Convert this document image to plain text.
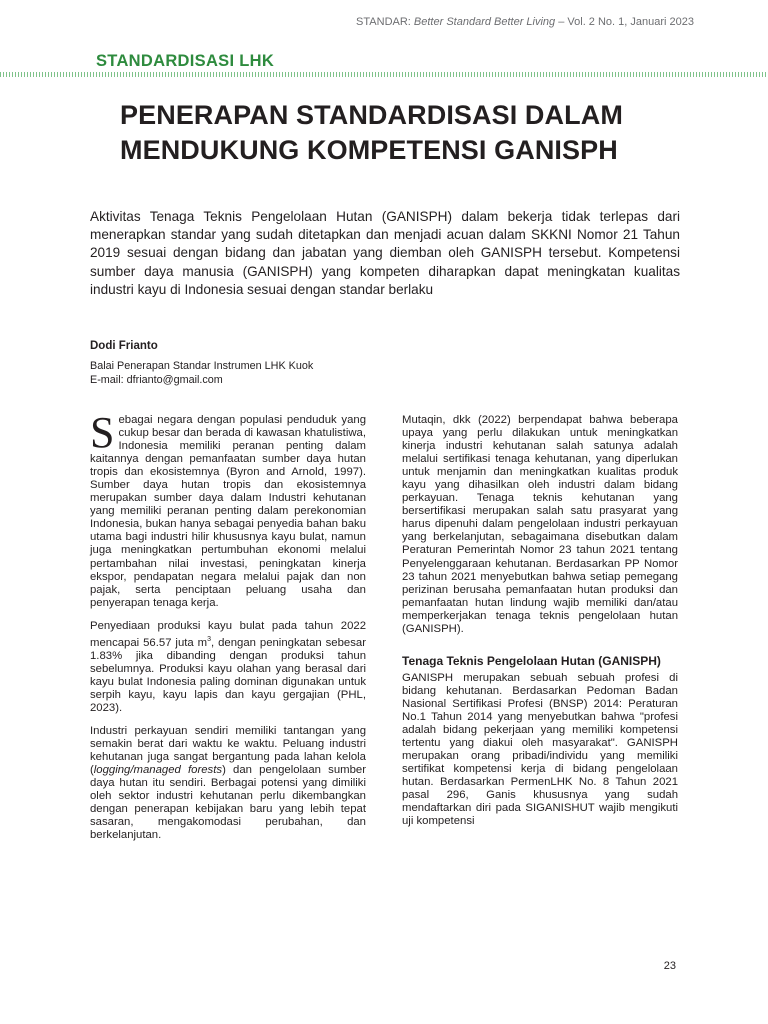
STANDAR: Better Standard Better Living – Vol. 2 No. 1, Januari 2023
STANDARDISASI LHK
PENERAPAN STANDARDISASI DALAM
MENDUKUNG KOMPETENSI GANISPH

Aktivitas Tenaga Teknis Pengelolaan Hutan (GANISPH) dalam bekerja tidak terlepas dari menerapkan standar yang sudah ditetapkan dan menjadi acuan dalam SKKNI Nomor 21 Tahun 2019 sesuai dengan bidang dan jabatan yang diemban oleh GANISPH tersebut. Kompetensi sumber daya manusia (GANISPH) yang kompeten diharapkan dapat meningkatan kualitas industri kayu di Indonesia sesuai dengan standar berlaku

Dodi Frianto
Balai Penerapan Standar Instrumen LHK Kuok
E-mail: dfrianto@gmail.com

Sebagai negara dengan populasi penduduk yang cukup besar dan berada di kawasan khatulistiwa, Indonesia memiliki peranan penting dalam kaitannya dengan pemanfaatan sumber daya hutan tropis dan ekosistemnya (Byron and Arnold, 1997). Sumber daya hutan tropis dan ekosistemnya merupakan sumber daya dalam Industri kehutanan yang memiliki peranan penting dalam perekonomian Indonesia, bukan hanya sebagai penyedia bahan baku utama bagi industri hilir khususnya kayu bulat, namun juga meningkatkan pertumbuhan ekonomi melalui pertambahan nilai investasi, peningkatan kinerja ekspor, pendapatan negara melalui pajak dan non pajak, serta penciptaan peluang usaha dan penyerapan tenaga kerja.

Penyediaan produksi kayu bulat pada tahun 2022 mencapai 56.57 juta $m^3$, dengan peningkatan sebesar 1.83% jika dibanding dengan produksi tahun sebelumnya. Produksi kayu olahan yang berasal dari kayu bulat Indonesia paling dominan digunakan untuk serpih kayu, kayu lapis dan kayu gergajian (PHL, 2023).

Industri perkayuan sendiri memiliki tantangan yang semakin berat dari waktu ke waktu. Peluang industri kehutanan juga sangat bergantung pada lahan kelola (logging/managed forests) dan pengelolaan sumber daya hutan itu sendiri. Berbagai potensi yang dimiliki oleh sektor industri kehutanan perlu dikembangkan dengan penerapan kebijakan baru yang lebih tepat sasaran, mengakomodasi perubahan, dan berkelanjutan.

Mutaqin, dkk (2022) berpendapat bahwa beberapa upaya yang perlu dilakukan untuk meningkatkan kinerja industri kehutanan salah satunya adalah melalui sertifikasi tenaga kehutanan, yang diperlukan untuk menjamin dan meningkatkan kualitas produk kayu yang dihasilkan oleh industri dalam bidang perkayuan. Tenaga teknis kehutanan yang bersertifikasi merupakan salah satu prasyarat yang harus dipenuhi dalam pengelolaan industri perkayuan yang berkelanjutan, sebagaimana disebutkan dalam Peraturan Pemerintah Nomor 23 tahun 2021 tentang Penyelenggaraan kehutanan. Berdasarkan PP Nomor 23 tahun 2021 menyebutkan bahwa setiap pemegang perizinan berusaha pemanfaatan hutan produksi dan pemanfaatan hutan lindung wajib memiliki dan/atau memperkerjakan tenaga teknis pengelolaan hutan (GANISPH).

Tenaga Teknis Pengelolaan Hutan (GANISPH)

GANISPH merupakan sebuah sebuah profesi di bidang kehutanan. Berdasarkan Pedoman Badan Nasional Sertifikasi Profesi (BNSP) 2014: Peraturan No.1 Tahun 2014 yang menyebutkan bahwa "profesi adalah bidang pekerjaan yang memiliki kompetensi tertentu yang diakui oleh masyarakat". GANISPH merupakan orang pribadi/individu yang memiliki sertifikat kompetensi kerja di bidang pengelolaan hutan. Berdasarkan PermenLHK No. 8 Tahun 2021 pasal 296, Ganis khususnya yang sudah mendaftarkan diri pada SIGANISHUT wajib mengikuti uji kompetensi

23
